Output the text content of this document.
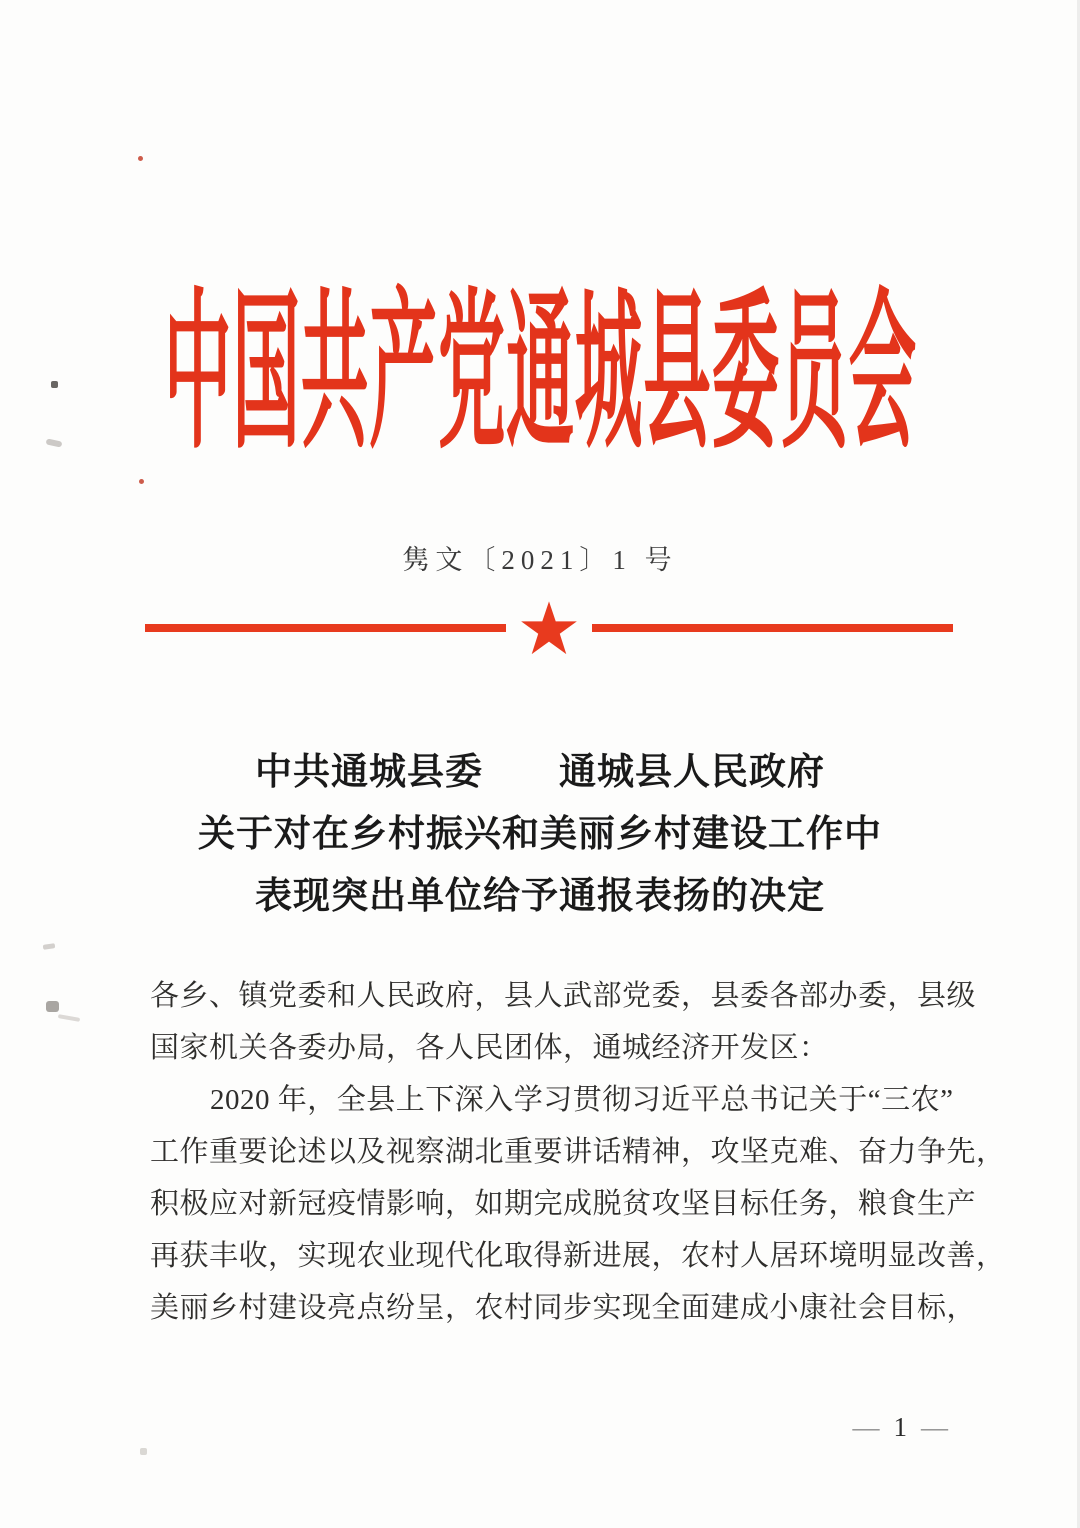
中国共产党通城县委员会
隽文〔2021〕1 号
中共通城县委　　通城县人民政府
关于对在乡村振兴和美丽乡村建设工作中
表现突出单位给予通报表扬的决定
各乡、镇党委和人民政府，县人武部党委，县委各部办委，县级
国家机关各委办局，各人民团体，通城经济开发区：
2020 年，全县上下深入学习贯彻习近平总书记关于“三农”
工作重要论述以及视察湖北重要讲话精神，攻坚克难、奋力争先，
积极应对新冠疫情影响，如期完成脱贫攻坚目标任务，粮食生产
再获丰收，实现农业现代化取得新进展，农村人居环境明显改善，
美丽乡村建设亮点纷呈，农村同步实现全面建成小康社会目标，
— 1 —
